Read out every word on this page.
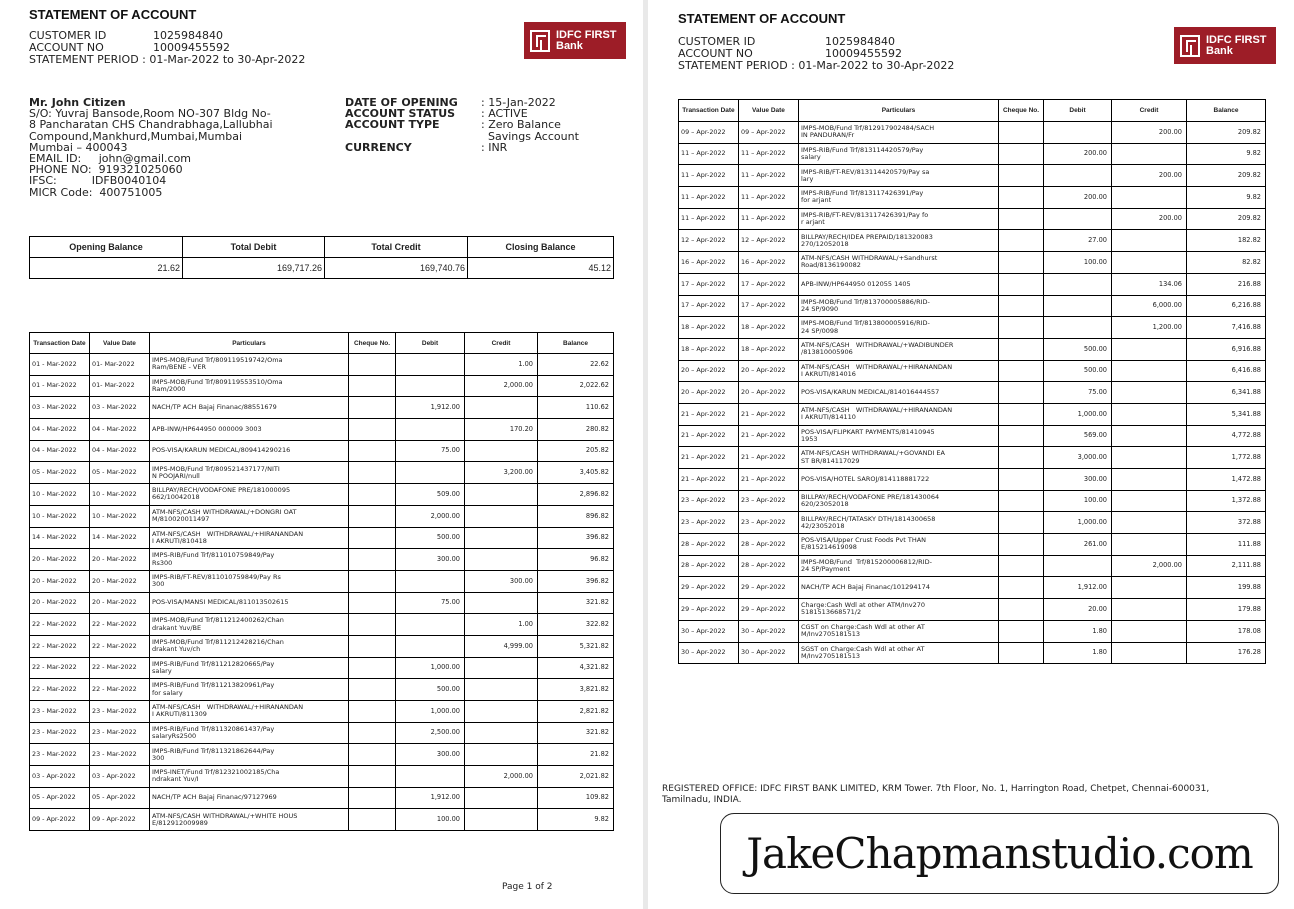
STATEMENT OF ACCOUNT
CUSTOMER ID	1025984840
ACCOUNT NO	10009455592
STATEMENT PERIOD : 01-Mar-2022 to 30-Apr-2022
IDFC FIRST
Bank
Mr. John Citizen
S/O: Yuvraj Bansode,Room NO-307 Bldg No-
8 Pancharatan CHS Chandrabhaga,Lallubhai
Compound,Mankhurd,Mumbai,Mumbai
Mumbai – 400043
EMAIL ID:     john@gmail.com
PHONE NO:  919321025060
IFSC:          IDFB0040104
MICR Code:  400751005
DATE OF OPENING	: 15-Jan-2022
ACCOUNT STATUS	: ACTIVE
ACCOUNT TYPE	: Zero Balance
Savings Account
CURRENCY	: INR
Opening Balance	Total Debit	Total Credit	Closing Balance
21.62	169,717.26	169,740.76	45.12
Transaction Date	Value Date	Particulars	Cheque No.	Debit	Credit	Balance
01 - Mar-2022	01- Mar-2022	IMPS-MOB/Fund Trf/809119519742/Oma
Ram/BENE - VER			1.00	22.62
01 - Mar-2022	01- Mar-2022	IMPS-MOB/Fund Trf/809119553510/Oma
Ram/2000			2,000.00	2,022.62
03 - Mar-2022	03 - Mar-2022	NACH/TP ACH Bajaj Finanac/88551679		1,912.00		110.62
04 - Mar-2022	04 - Mar-2022	APB-INW/HP644950 000009 3003			170.20	280.82
04 - Mar-2022	04 - Mar-2022	POS-VISA/KARUN MEDICAL/809414290216		75.00		205.82
05 - Mar-2022	05 - Mar-2022	IMPS-MOB/Fund Trf/809521437177/NITI
N POOJARI/null			3,200.00	3,405.82
10 - Mar-2022	10 - Mar-2022	BILLPAY/RECH/VODAFONE PRE/181000095
662/10042018		509.00		2,896.82
10 - Mar-2022	10 - Mar-2022	ATM-NFS/CASH WITHDRAWAL/+DONGRI OAT
M/810020011497		2,000.00		896.82
14 - Mar-2022	14 - Mar-2022	ATM-NFS/CASH   WITHDRAWAL/+HIRANANDAN
I AKRUTI/810418		500.00		396.82
20 - Mar-2022	20 - Mar-2022	IMPS-RIB/Fund Trf/811010759849/Pay
Rs300		300.00		96.82
20 - Mar-2022	20 - Mar-2022	IMPS-RIB/FT-REV/811010759849/Pay Rs
300			300.00	396.82
20 - Mar-2022	20 - Mar-2022	POS-VISA/MANSI MEDICAL/811013502615		75.00		321.82
22 - Mar-2022	22 - Mar-2022	IMPS-MOB/Fund Trf/811212400262/Chan
drakant Yuv/BE			1.00	322.82
22 - Mar-2022	22 - Mar-2022	IMPS-MOB/Fund Trf/811212428216/Chan
drakant Yuv/ch			4,999.00	5,321.82
22 - Mar-2022	22 - Mar-2022	IMPS-RIB/Fund Trf/811212820665/Pay
salary		1,000.00		4,321.82
22 - Mar-2022	22 - Mar-2022	IMPS-RIB/Fund Trf/811213820961/Pay
for salary		500.00		3,821.82
23 - Mar-2022	23 - Mar-2022	ATM-NFS/CASH   WITHDRAWAL/+HIRANANDAN
I AKRUTI/811309		1,000.00		2,821.82
23 - Mar-2022	23 - Mar-2022	IMPS-RIB/Fund Trf/811320861437/Pay
salaryRs2500		2,500.00		321.82
23 - Mar-2022	23 - Mar-2022	IMPS-RIB/Fund Trf/811321862644/Pay
300		300.00		21.82
03 - Apr-2022	03 - Apr-2022	IMPS-INET/Fund Trf/812321002185/Cha
ndrakant Yuv/I			2,000.00	2,021.82
05 - Apr-2022	05 - Apr-2022	NACH/TP ACH Bajaj Finanac/97127969		1,912.00		109.82
09 - Apr-2022	09 - Apr-2022	ATM-NFS/CASH WITHDRAWAL/+WHITE HOUS
E/812912009989		100.00		9.82
Page 1 of 2
STATEMENT OF ACCOUNT
CUSTOMER ID	1025984840
ACCOUNT NO	10009455592
STATEMENT PERIOD : 01-Mar-2022 to 30-Apr-2022
IDFC FIRST
Bank
Transaction Date	Value Date	Particulars	Cheque No.	Debit	Credit	Balance
09 – Apr-2022	09 – Apr-2022	IMPS-MOB/Fund Trf/812917902484/SACH
IN PANDURAN/Fr			200.00	209.82
11 – Apr-2022	11 – Apr-2022	IMPS-RIB/Fund Trf/813114420579/Pay
salary		200.00		9.82
11 – Apr-2022	11 – Apr-2022	IMPS-RIB/FT-REV/813114420579/Pay sa
lary			200.00	209.82
11 – Apr-2022	11 – Apr-2022	IMPS-RIB/Fund Trf/813117426391/Pay
for arjant		200.00		9.82
11 – Apr-2022	11 – Apr-2022	IMPS-RIB/FT-REV/813117426391/Pay fo
r arjant			200.00	209.82
12 – Apr-2022	12 – Apr-2022	BILLPAY/RECH/IDEA PREPAID/181320083
270/12052018		27.00		182.82
16 – Apr-2022	16 – Apr-2022	ATM-NFS/CASH WITHDRAWAL/+Sandhurst
Road/8136190082		100.00		82.82
17 – Apr-2022	17 – Apr-2022	APB-INW/HP644950 012055 1405			134.06	216.88
17 – Apr-2022	17 – Apr-2022	IMPS-MOB/Fund Trf/813700005886/RID-
24 SP/9090			6,000.00	6,216.88
18 – Apr-2022	18 – Apr-2022	IMPS-MOB/Fund Trf/813800005916/RID-
24 SP/0098			1,200.00	7,416.88
18 – Apr-2022	18 – Apr-2022	ATM-NFS/CASH   WITHDRAWAL/+WADIBUNDER
/813810005906		500.00		6,916.88
20 – Apr-2022	20 – Apr-2022	ATM-NFS/CASH   WITHDRAWAL/+HIRANANDAN
I AKRUTI/814016		500.00		6,416.88
20 – Apr-2022	20 – Apr-2022	POS-VISA/KARUN MEDICAL/814016444557		75.00		6,341.88
21 – Apr-2022	21 – Apr-2022	ATM-NFS/CASH   WITHDRAWAL/+HIRANANDAN
I AKRUTI/814110		1,000.00		5,341.88
21 – Apr-2022	21 – Apr-2022	POS-VISA/FLIPKART PAYMENTS/81410945
1953		569.00		4,772.88
21 – Apr-2022	21 – Apr-2022	ATM-NFS/CASH WITHDRAWAL/+GOVANDI EA
ST BR/814117029		3,000.00		1,772.88
21 – Apr-2022	21 – Apr-2022	POS-VISA/HOTEL SAROJ/814118881722		300.00		1,472.88
23 – Apr-2022	23 – Apr-2022	BILLPAY/RECH/VODAFONE PRE/181430064
620/23052018		100.00		1,372.88
23 – Apr-2022	23 – Apr-2022	BILLPAY/RECH/TATASKY DTH/1814300658
42/23052018		1,000.00		372.88
28 – Apr-2022	28 – Apr-2022	POS-VISA/Upper Crust Foods Pvt THAN
E/815214619098		261.00		111.88
28 – Apr-2022	28 – Apr-2022	IMPS-MOB/Fund  Trf/815200006812/RID-
24 SP/Payment			2,000.00	2,111.88
29 – Apr-2022	29 – Apr-2022	NACH/TP ACH Bajaj Finanac/101294174		1,912.00		199.88
29 – Apr-2022	29 – Apr-2022	Charge:Cash Wdl at other ATM/Inv270
5181513668571/2		20.00		179.88
30 – Apr-2022	30 – Apr-2022	CGST on Charge:Cash Wdl at other AT
M/Inv2705181513		1.80		178.08
30 – Apr-2022	30 – Apr-2022	SGST on Charge:Cash Wdl at other AT
M/Inv2705181513		1.80		176.28
REGISTERED OFFICE: IDFC FIRST BANK LIMITED, KRM Tower. 7th Floor, No. 1, Harrington Road, Chetpet, Chennai-600031,
Tamilnadu, INDIA.
JakeChapmanstudio.com
